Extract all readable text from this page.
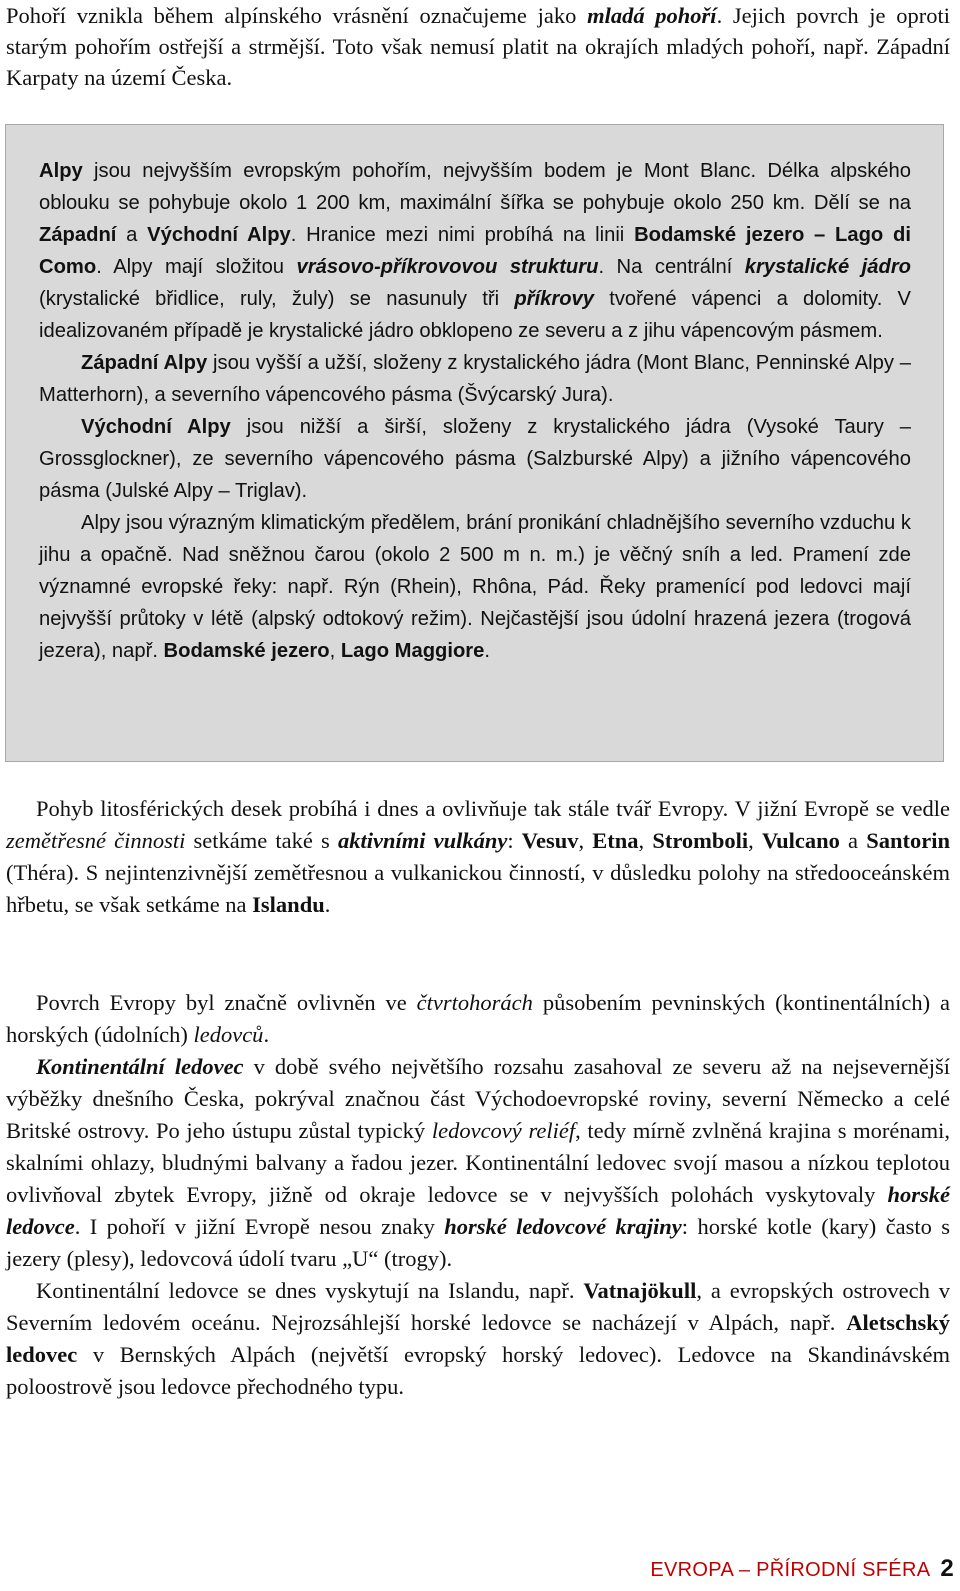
Pohoří vznikla během alpínského vrásnění označujeme jako mladá pohoří. Jejich povrch je oproti starým pohořím ostřejší a strmější. Toto však nemusí platit na okrajích mladých pohoří, např. Západní Karpaty na území Česka.

Alpy jsou nejvyšším evropským pohořím, nejvyšším bodem je Mont Blanc. Délka alpského oblouku se pohybuje okolo 1 200 km, maximální šířka se pohybuje okolo 250 km. Dělí se na Západní a Východní Alpy. Hranice mezi nimi probíhá na linii Bodamské jezero – Lago di Como. Alpy mají složitou vrásovo-příkrovovou strukturu. Na centrální krystalické jádro (krystalické břidlice, ruly, žuly) se nasunuly tři příkrovy tvořené vápenci a dolomity. V idealizovaném případě je krystalické jádro obklopeno ze severu a z jihu vápencovým pásmem.

Západní Alpy jsou vyšší a užší, složeny z krystalického jádra (Mont Blanc, Penninské Alpy – Matterhorn), a severního vápencového pásma (Švýcarský Jura).

Východní Alpy jsou nižší a širší, složeny z krystalického jádra (Vysoké Taury – Grossglockner), ze severního vápencového pásma (Salzburské Alpy) a jižního vápencového pásma (Julské Alpy – Triglav).

Alpy jsou výrazným klimatickým předělem, brání pronikání chladnějšího severního vzduchu k jihu a opačně. Nad sněžnou čarou (okolo 2 500 m n. m.) je věčný sníh a led. Pramení zde významné evropské řeky: např. Rýn (Rhein), Rhôna, Pád. Řeky pramenící pod ledovci mají nejvyšší průtoky v létě (alpský odtokový režim). Nejčastější jsou údolní hrazená jezera (trogová jezera), např. Bodamské jezero, Lago Maggiore.

Pohyb litosférických desek probíhá i dnes a ovlivňuje tak stále tvář Evropy. V jižní Evropě se vedle zemětřesné činnosti setkáme také s aktivními vulkány: Vesuv, Etna, Stromboli, Vulcano a Santorin (Théra). S nejintenzivnější zemětřesnou a vulkanickou činností, v důsledku polohy na středooceánském hřbetu, se však setkáme na Islandu.

Povrch Evropy byl značně ovlivněn ve čtvrtohorách působením pevninských (kontinentálních) a horských (údolních) ledovců.

Kontinentální ledovec v době svého největšího rozsahu zasahoval ze severu až na nejsevernější výběžky dnešního Česka, pokrýval značnou část Východoevropské roviny, severní Německo a celé Britské ostrovy. Po jeho ústupu zůstal typický ledovcový reliéf, tedy mírně zvlněná krajina s morénami, skalními ohlazy, bludnými balvany a řadou jezer. Kontinentální ledovec svojí masou a nízkou teplotou ovlivňoval zbytek Evropy, jižně od okraje ledovce se v nejvyšších polohách vyskytovaly horské ledovce. I pohoří v jižní Evropě nesou znaky horské ledovcové krajiny: horské kotle (kary) často s jezery (plesy), ledovcová údolí tvaru „U“ (trogy).

Kontinentální ledovce se dnes vyskytují na Islandu, např. Vatnajökull, a evropských ostrovech v Severním ledovém oceánu. Nejrozsáhlejší horské ledovce se nacházejí v Alpách, např. Aletschský ledovec v Bernských Alpách (největší evropský horský ledovec). Ledovce na Skandinávském poloostrově jsou ledovce přechodného typu.

EVROPA – PŘÍRODNÍ SFÉRA 2
